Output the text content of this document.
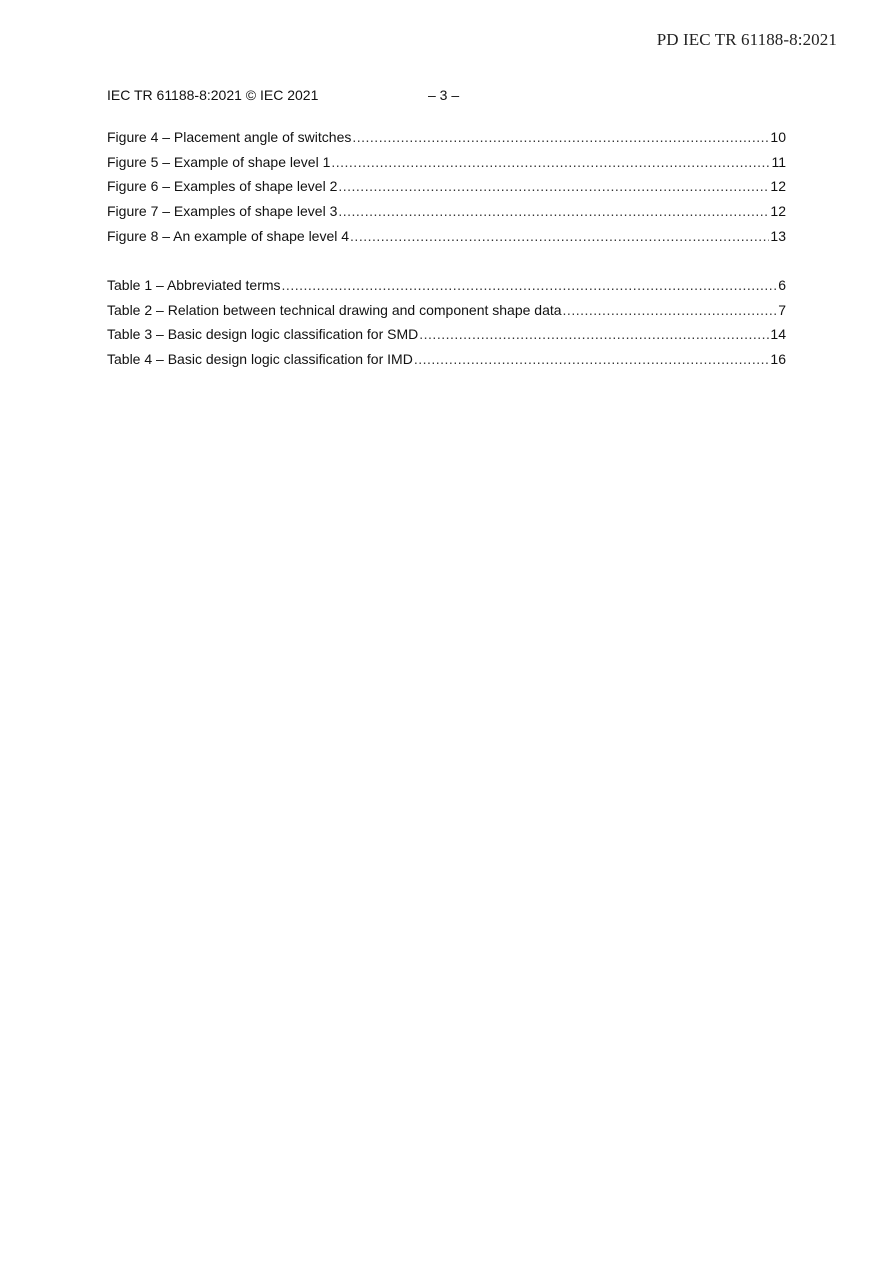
PD IEC TR 61188-8:2021
IEC TR 61188-8:2021 © IEC 2021	– 3 –
Figure 4 – Placement angle of switches .....	10
Figure 5 – Example of shape level 1 .....	11
Figure 6 – Examples of shape level 2 .....	12
Figure 7 – Examples of shape level 3 .....	12
Figure 8 – An example of shape level 4 .....	13
Table 1 – Abbreviated terms .....	6
Table 2 – Relation between technical drawing and component shape data .....	7
Table 3 – Basic design logic classification for SMD .....	14
Table 4 – Basic design logic classification for IMD .....	16
